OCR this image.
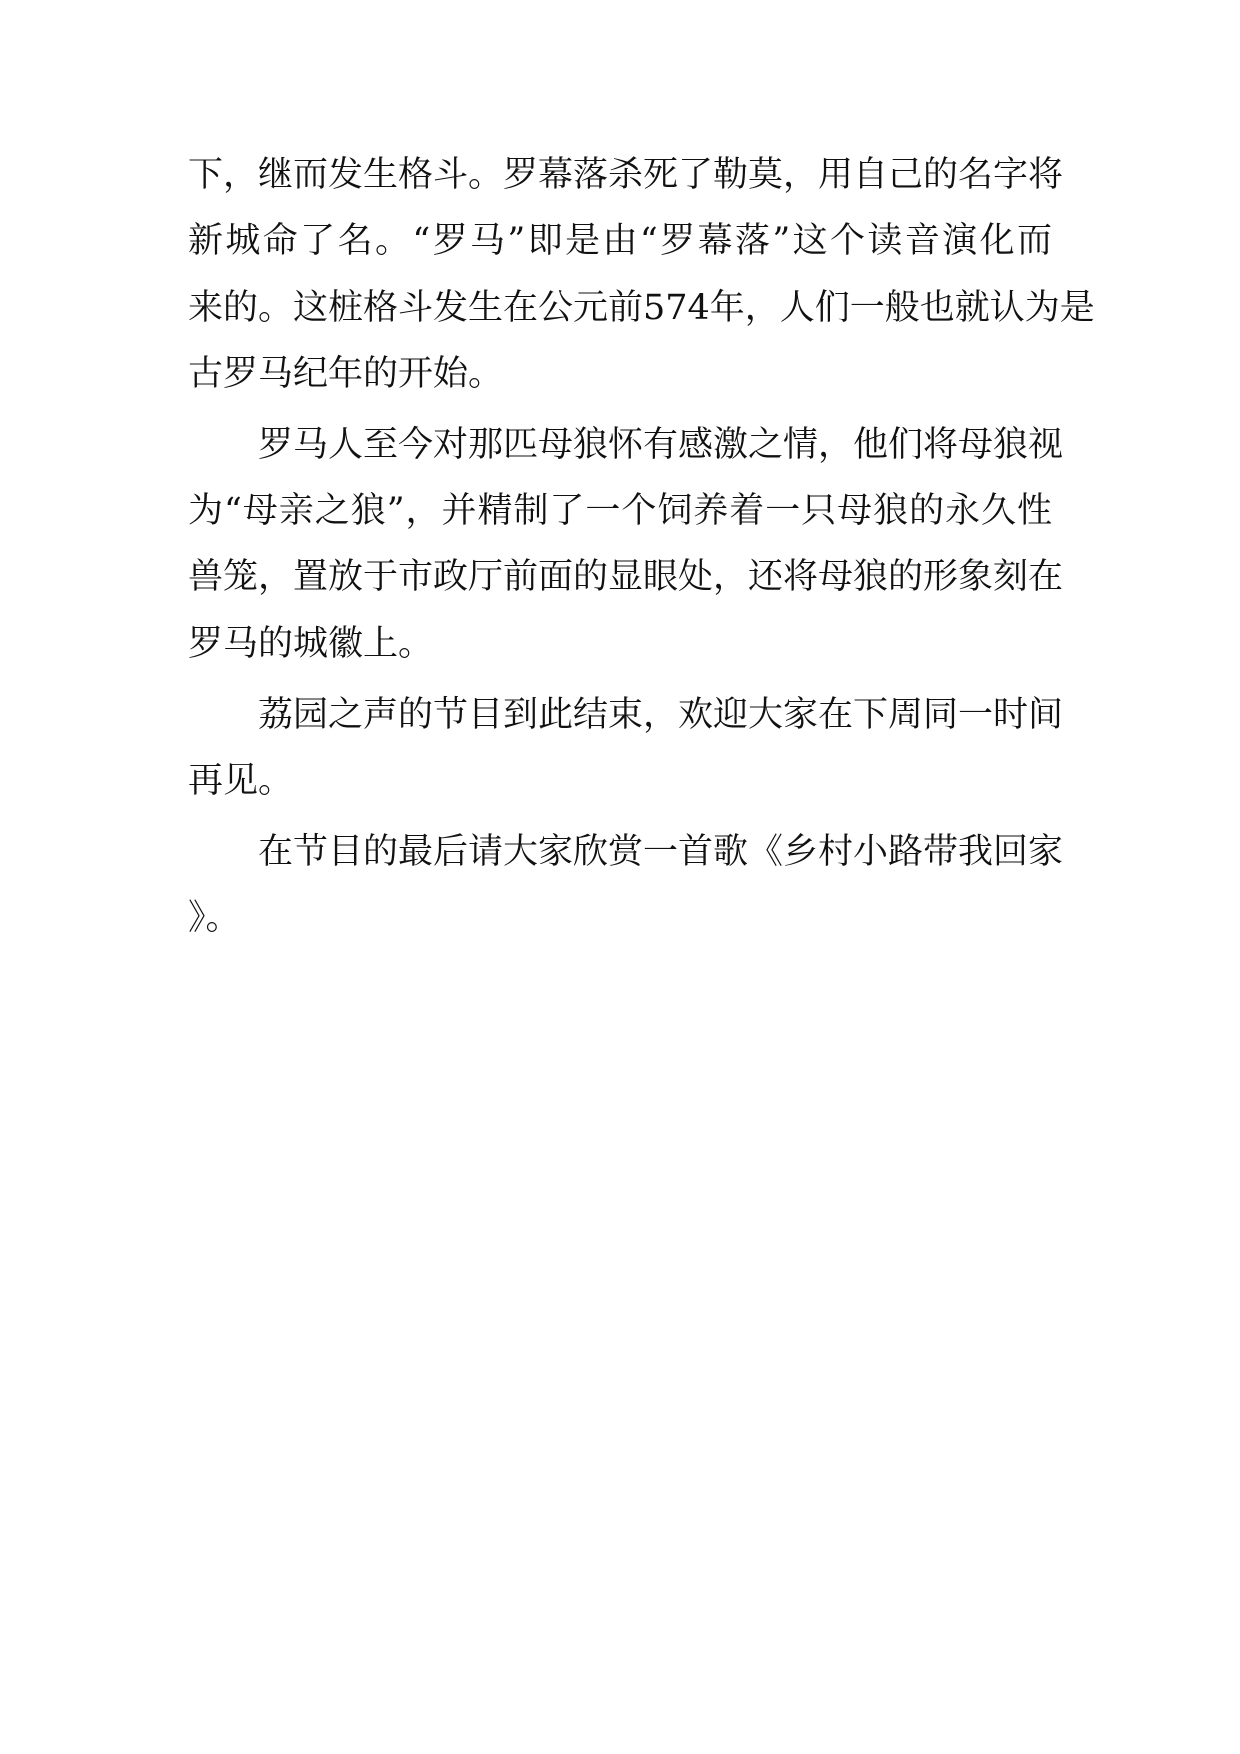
下，继而发生格斗。罗幕落杀死了勒莫，用自己的名字将
新城命了名。“罗马”即是由“罗幕落”这个读音演化而
来的。这桩格斗发生在公元前574年，人们一般也就认为是
古罗马纪年的开始。
罗马人至今对那匹母狼怀有感激之情，他们将母狼视
为“母亲之狼”，并精制了一个饲养着一只母狼的永久性
兽笼，置放于市政厅前面的显眼处，还将母狼的形象刻在
罗马的城徽上。
荔园之声的节目到此结束，欢迎大家在下周同一时间
再见。
在节目的最后请大家欣赏一首歌《乡村小路带我回家
》。
